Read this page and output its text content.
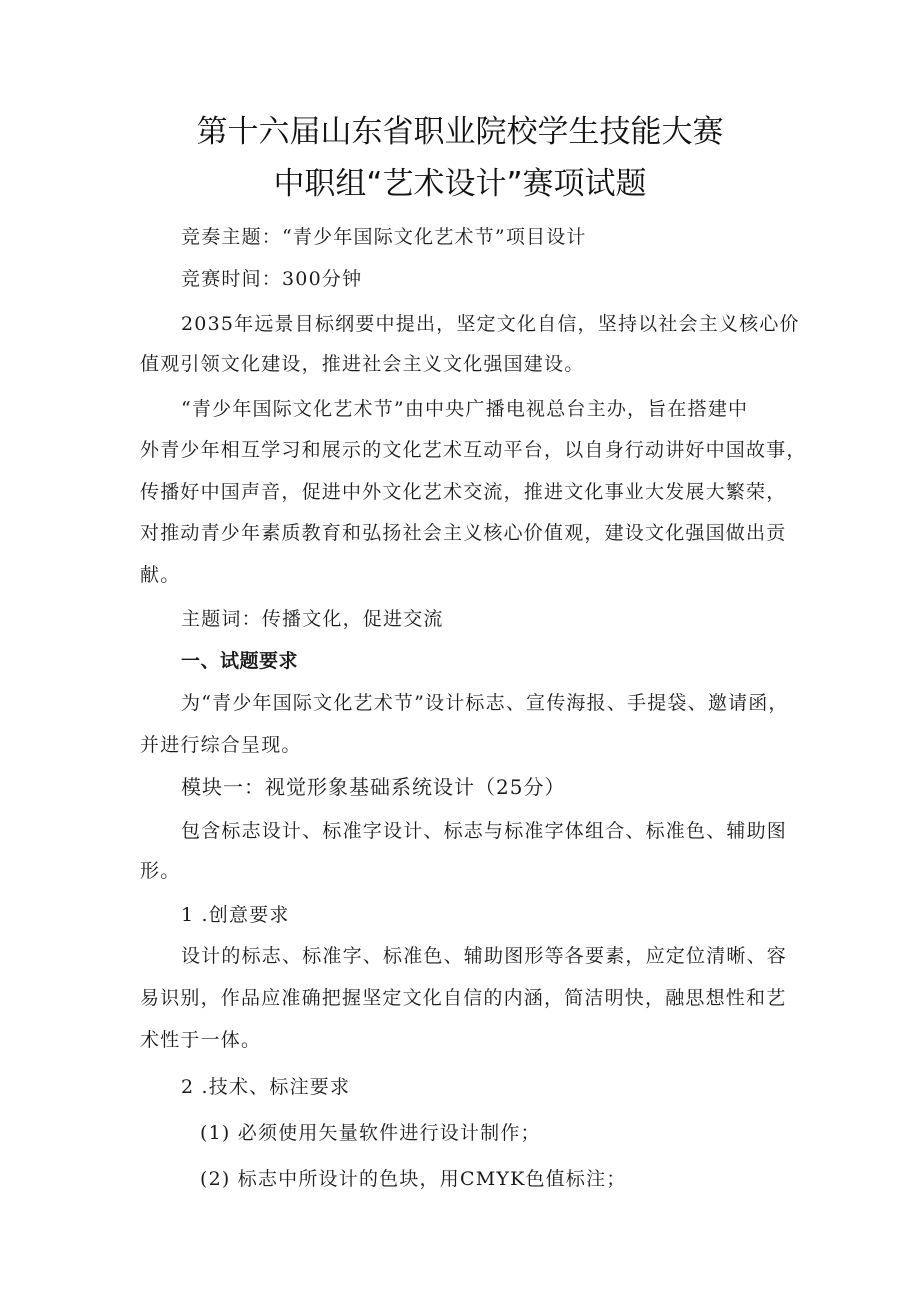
第十六届山东省职业院校学生技能大赛
中职组“艺术设计”赛项试题
竞奏主题：“青少年国际文化艺术节”项目设计
竞赛时间：300分钟
2035年远景目标纲要中提出，坚定文化自信，坚持以社会主义核心价
值观引领文化建设，推进社会主义文化强国建设。
“青少年国际文化艺术节”由中央广播电视总台主办，旨在搭建中
外青少年相互学习和展示的文化艺术互动平台，以自身行动讲好中国故事，
传播好中国声音，促进中外文化艺术交流，推进文化事业大发展大繁荣，
对推动青少年素质教育和弘扬社会主义核心价值观，建设文化强国做出贡
献。
主题词：传播文化，促进交流
一、试题要求
为“青少年国际文化艺术节”设计标志、宣传海报、手提袋、邀请函，
并进行综合呈现。
模块一：视觉形象基础系统设计（25分）
包含标志设计、标准字设计、标志与标准字体组合、标准色、辅助图
形。
1 .创意要求
设计的标志、标准字、标准色、辅助图形等各要素，应定位清晰、容
易识别，作品应准确把握坚定文化自信的内涵，简洁明快，融思想性和艺
术性于一体。
2 .技术、标注要求
(1) 必须使用矢量软件进行设计制作；
(2) 标志中所设计的色块，用CMYK色值标注；
